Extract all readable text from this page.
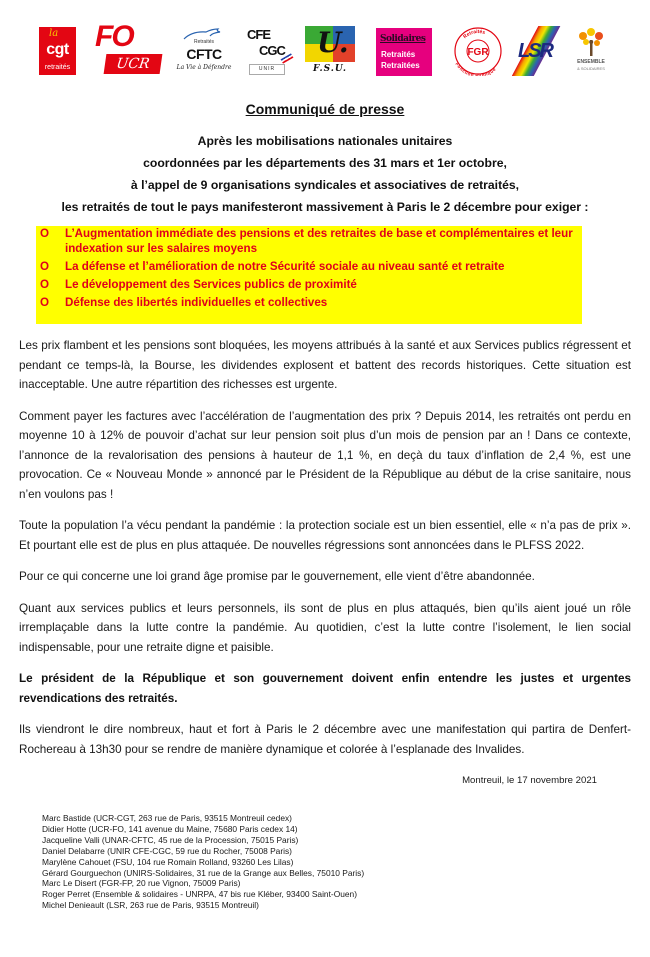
la
cgt
retraités
FO
UCR
Retraités
CFTC
La Vie à Défendre
CFE
CGC
UNIR
U.
F.S.U.
Solidaires
Retraités
Retraitées
Retraités
FGR
Fonction Publique
LSR	ENSEMBLE
& SOLIDAIRES
Communiqué de presse
Après les mobilisations nationales unitaires
coordonnées par les départements des 31 mars et 1er octobre,
à l’appel de 9 organisations syndicales et associatives de retraités,
les retraités de tout le pays manifesteront massivement à Paris le 2 décembre pour exiger :
O L’Augmentation immédiate des pensions et des retraites de base et complémentaires et leur indexation sur les salaires moyens
O La défense et l’amélioration de notre Sécurité sociale au niveau santé et retraite
O Le développement des Services publics de proximité
O Défense des libertés individuelles et collectives

Les prix flambent et les pensions sont bloquées, les moyens attribués à la santé et aux Services publics régressent et pendant ce temps-là, la Bourse, les dividendes explosent et battent des records historiques. Cette situation est inacceptable. Une autre répartition des richesses est urgente.

Comment payer les factures avec l’accélération de l’augmentation des prix ? Depuis 2014, les retraités ont perdu en moyenne 10 à 12% de pouvoir d’achat sur leur pension soit plus d’un mois de pension par an ! Dans ce contexte, l’annonce de la revalorisation des pensions à hauteur de 1,1 %, en deçà du taux d’inflation de 2,4 %, est une provocation. Ce « Nouveau Monde » annoncé par le Président de la République au début de la crise sanitaire, nous n’en voulons pas !

Toute la population l’a vécu pendant la pandémie : la protection sociale est un bien essentiel, elle « n’a pas de prix ». Et pourtant elle est de plus en plus attaquée. De nouvelles régressions sont annoncées dans le PLFSS 2022.

Pour ce qui concerne une loi grand âge promise par le gouvernement, elle vient d’être abandonnée.

Quant aux services publics et leurs personnels, ils sont de plus en plus attaqués, bien qu’ils aient joué un rôle irremplaçable dans la lutte contre la pandémie. Au quotidien, c’est la lutte contre l’isolement, le lien social indispensable, pour une retraite digne et paisible.

Le président de la République et son gouvernement doivent enfin entendre les justes et urgentes revendications des retraités.

Ils viendront le dire nombreux, haut et fort à Paris le 2 décembre avec une manifestation qui partira de Denfert-Rochereau à 13h30 pour se rendre de manière dynamique et colorée à l’esplanade des Invalides.

Montreuil, le 17 novembre 2021
Marc Bastide (UCR-CGT, 263 rue de Paris, 93515 Montreuil cedex)
Didier Hotte (UCR-FO, 141 avenue du Maine, 75680 Paris cedex 14)
Jacqueline Valli (UNAR-CFTC, 45 rue de la Procession, 75015 Paris)
Daniel Delabarre (UNIR CFE-CGC, 59 rue du Rocher, 75008 Paris)
Marylène Cahouet (FSU, 104 rue Romain Rolland, 93260 Les Lilas)
Gérard Gourguechon (UNIRS-Solidaires, 31 rue de la Grange aux Belles, 75010 Paris)
Marc Le Disert (FGR-FP, 20 rue Vignon, 75009 Paris)
Roger Perret (Ensemble & solidaires - UNRPA, 47 bis rue Kléber, 93400 Saint-Ouen)
Michel Denieault (LSR, 263 rue de Paris, 93515 Montreuil)
